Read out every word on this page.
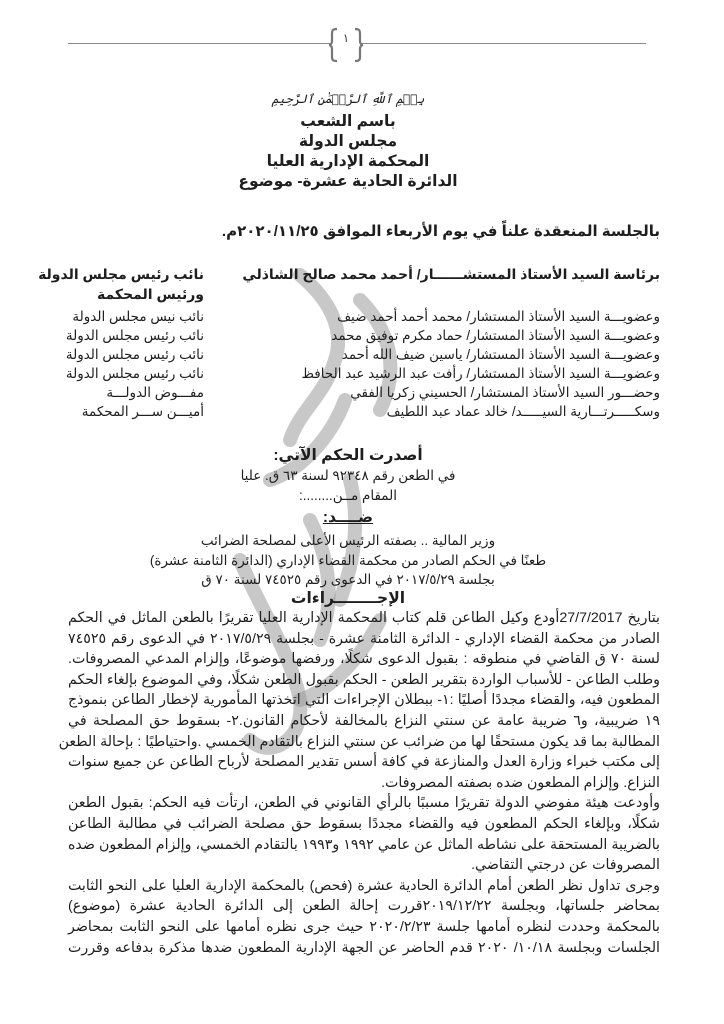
١
بِسۡمِ ٱللَّهِ ٱلرَّحۡمَٰنِ ٱلرَّحِيمِ
باسم الشعب
مجلس الدولة
المحكمة الإدارية العليا
الدائرة الحادية عشرة- موضوع
بالجلسة المنعقدة علناً في يوم الأربعاء الموافق ٢٠٢٠/١١/٢٥م.
برئاسة السيد الأستاذ المستشــــــار/ أحمد محمد صالح الشاذلي
نائب رئيس مجلس الدولة
ورئيس المحكمة
وعضويـــة السيد الأستاذ المستشار/ محمد أحمد أحمد ضيف
نائب نيس مجلس الدولة
وعضويـــة السيد الأستاذ المستشار/ حماد مكرم توفيق محمد
نائب رئيس مجلس الدولة
وعضويـــة السيد الأستاذ المستشار/ ياسين ضيف الله أحمد
نائب رئيس مجلس الدولة
وعضويـــة السيد الأستاذ المستشار/ رأفت عبد الرشيد عبد الحافظ
نائب رئيس مجلس الدولة
وحضـــور السيد الأستاذ المستشار/ الحسيني زكريا الفقي
مفـــوض الدولـــة
وسكـــــرتـــارية السيـــــد/ خالد عماد عبد اللطيف
أميـــن ســـر المحكمة
أصدرت الحكم الآتي:
في الطعن رقم ٩٢٣٤٨ لسنة ٦٣ ق. عليا
المقام مــن........:
ضــــد:
وزير المالية .. بصفته الرئيس الأعلى لمصلحة الضرائب
طعنًا في الحكم الصادر من محكمة القضاء الإداري (الدائرة الثامنة عشرة)
بجلسة ٢٠١٧/٥/٢٩ في الدعوى رقم ٧٤٥٢٥ لسنة ٧٠ ق
الإجــــــــراءات
بتاريخ 27/7/2017أودع وكيل الطاعن قلم كتاب المحكمة الإدارية العليا تقريرًا بالطعن الماثل في الحكم
الصادر من محكمة القضاء الإداري - الدائرة الثامنة عشرة - بجلسة ٢٠١٧/٥/٢٩ في الدعوى رقم ٧٤٥٢٥
لسنة ٧٠ ق القاضي في منطوقه : بقبول الدعوى شكلًا، ورفضها موضوعًا، وإلزام المدعي المصروفات.
وطلب الطاعن - للأسباب الواردة بتقرير الطعن - الحكم بقبول الطعن شكلًا، وفي الموضوع بإلغاء الحكم
المطعون فيه، والقضاء مجددًا أصليًا :١- ببطلان الإجراءات التي اتخذتها المأمورية لإخطار الطاعن بنموذج
١٩ ضريبية، و٦ ضريبة عامة عن سنتي النزاع بالمخالفة لأحكام القانون.٢- بسقوط حق المصلحة في
المطالبة بما قد يكون مستحقًا لها من ضرائب عن سنتي النزاع بالتقادم الخمسي .واحتياطيًا : بإحالة الطعن
إلى مكتب خبراء وزارة العدل والمنازعة في كافة أسس تقدير المصلحة لأرباح الطاعن عن جميع سنوات
النزاع. وإلزام المطعون ضده بصفته المصروفات.
وأودعت هيئة مفوضي الدولة تقريرًا مسببًا بالرأي القانوني في الطعن، ارتأت فيه الحكم: بقبول الطعن
شكلًا، وبإلغاء الحكم المطعون فيه والقضاء مجددًا بسقوط حق مصلحة الضرائب في مطالبة الطاعن
بالضريبة المستحقة على نشاطه الماثل عن عامي ١٩٩٢ و١٩٩٣ بالتقادم الخمسي، وإلزام المطعون ضده
المصروفات عن درجتي التقاضي.
وجرى تداول نظر الطعن أمام الدائرة الحادية عشرة (فحص) بالمحكمة الإدارية العليا على النحو الثابت
بمحاضر جلساتها، وبجلسة ٢٠١٩/١٢/٢٢قررت إحالة الطعن إلى الدائرة الحادية عشرة (موضوع)
بالمحكمة وحددت لنظره أمامها جلسة ٢٠٢٠/٢/٢٣ حيث جرى نظره أمامها على النحو الثابت بمحاضر
الجلسات وبجلسة ١٠/١٨/ ٢٠٢٠ قدم الحاضر عن الجهة الإدارية المطعون ضدها مذكرة بدفاعه وقررت
